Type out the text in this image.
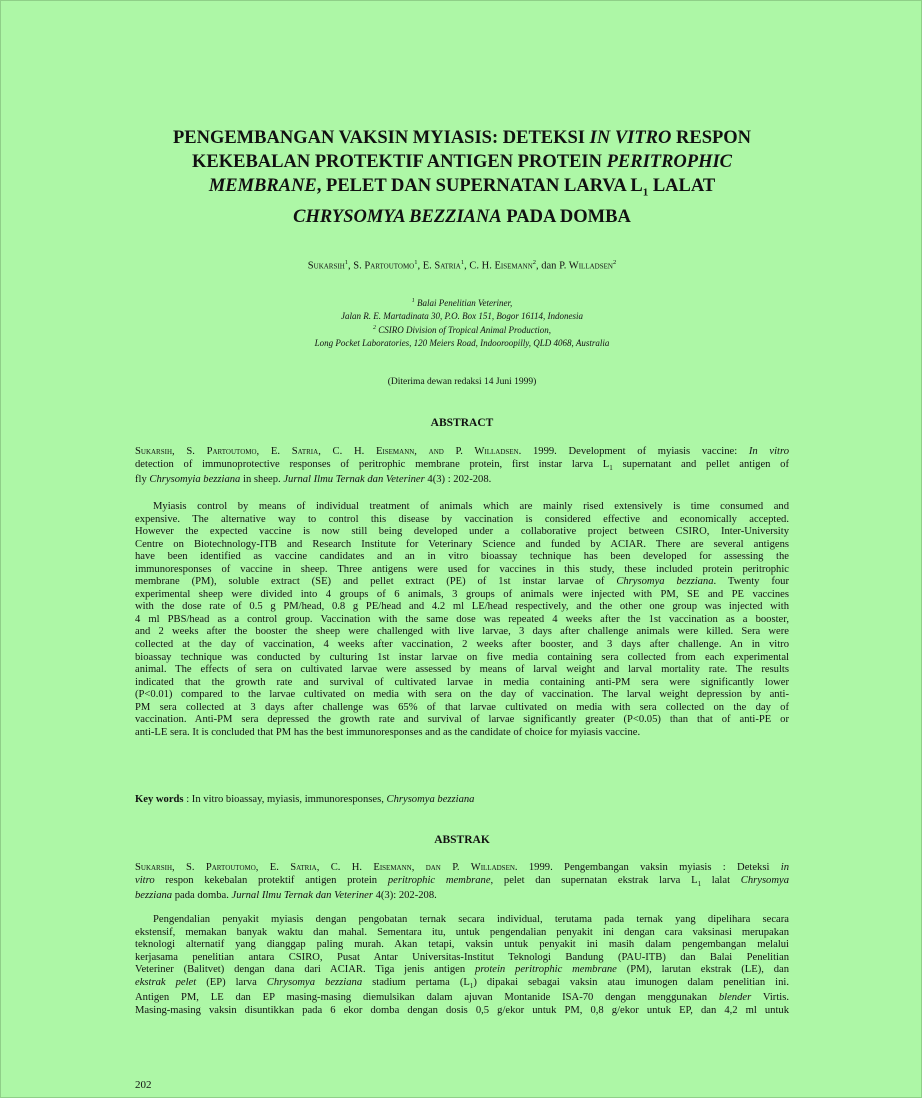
PENGEMBANGAN VAKSIN MYIASIS: DETEKSI IN VITRO RESPON
KEKEBALAN PROTEKTIF ANTIGEN PROTEIN PERITROPHIC
MEMBRANE, PELET DAN SUPERNATAN LARVA $L_1$ LALAT
CHRYSOMYA BEZZIANA PADA DOMBA
Sukarsih$^1$, S. Partoutomo$^1$, E. Satria$^1$, C. H. Eisemann$^2$, dan P. Willadsen$^2$
$^1$ Balai Penelitian Veteriner,
Jalan R. E. Martadinata 30, P.O. Box 151, Bogor 16114, Indonesia
$^2$ CSIRO Division of Tropical Animal Production,
Long Pocket Laboratories, 120 Meiers Road, Indooroopilly, QLD 4068, Australia
(Diterima dewan redaksi 14 Juni 1999)
ABSTRACT
Sukarsih, S. Partoutomo, E. Satria, C. H. Eisemann, and P. Willadsen. 1999. Development of myiasis vaccine: In vitro
detection of immunoprotective responses of peritrophic membrane protein, first instar larva $L_1$ supernatant and pellet antigen of
fly Chrysomyia bezziana in sheep. Jurnal Ilmu Ternak dan Veteriner 4(3) : 202-208.
Myiasis control by means of individual treatment of animals which are mainly rised extensively is time consumed and
expensive. The alternative way to control this disease by vaccination is considered effective and economically accepted.
However the expected vaccine is now still being developed under a collaborative project between CSIRO, Inter-University
Centre on Biotechnology-ITB and Research Institute for Veterinary Science and funded by ACIAR. There are several antigens
have been identified as vaccine candidates and an in vitro bioassay technique has been developed for assessing the
immunoresponses of vaccine in sheep. Three antigens were used for vaccines in this study, these included protein peritrophic
membrane (PM), soluble extract (SE) and pellet extract (PE) of 1st instar larvae of Chrysomya bezziana. Twenty four
experimental sheep were divided into 4 groups of 6 animals, 3 groups of animals were injected with PM, SE and PE vaccines
with the dose rate of 0.5 g PM/head, 0.8 g PE/head and 4.2 ml LE/head respectively, and the other one group was injected with
4 ml PBS/head as a control group. Vaccination with the same dose was repeated 4 weeks after the 1st vaccination as a booster,
and 2 weeks after the booster the sheep were challenged with live larvae, 3 days after challenge animals were killed. Sera were
collected at the day of vaccination, 4 weeks after vaccination, 2 weeks after booster, and 3 days after challenge. An in vitro
bioassay technique was conducted by culturing 1st instar larvae on five media containing sera collected from each experimental
animal. The effects of sera on cultivated larvae were assessed by means of larval weight and larval mortality rate. The results
indicated that the growth rate and survival of cultivated larvae in media containing anti-PM sera were significantly lower
(P<0.01) compared to the larvae cultivated on media with sera on the day of vaccination. The larval weight depression by anti-
PM sera collected at 3 days after challenge was 65% of that larvae cultivated on media with sera collected on the day of
vaccination. Anti-PM sera depressed the growth rate and survival of larvae significantly greater (P<0.05) than that of anti-PE or
anti-LE sera. It is concluded that PM has the best immunoresponses and as the candidate of choice for myiasis vaccine.
Key words : In vitro bioassay, myiasis, immunoresponses, Chrysomya bezziana
ABSTRAK
Sukarsih, S. Partoutomo, E. Satria, C. H. Eisemann, dan P. Willadsen. 1999. Pengembangan vaksin myiasis : Deteksi in
vitro respon kekebalan protektif antigen protein peritrophic membrane, pelet dan supernatan ekstrak larva $L_1$ lalat Chrysomya
bezziana pada domba. Jurnal Ilmu Ternak dan Veteriner 4(3): 202-208.
Pengendalian penyakit myiasis dengan pengobatan ternak secara individual, terutama pada ternak yang dipelihara secara
ekstensif, memakan banyak waktu dan mahal. Sementara itu, untuk pengendalian penyakit ini dengan cara vaksinasi merupakan
teknologi alternatif yang dianggap paling murah. Akan tetapi, vaksin untuk penyakit ini masih dalam pengembangan melalui
kerjasama penelitian antara CSIRO, Pusat Antar Universitas-Institut Teknologi Bandung (PAU-ITB) dan Balai Penelitian
Veteriner (Balitvet) dengan dana dari ACIAR. Tiga jenis antigen protein peritrophic membrane (PM), larutan ekstrak (LE), dan
ekstrak pelet (EP) larva Chrysomya bezziana stadium pertama $(L_1)$ dipakai sebagai vaksin atau imunogen dalam penelitian ini.
Antigen PM, LE dan EP masing-masing diemulsikan dalam ajuvan Montanide ISA-70 dengan menggunakan blender Virtis.
Masing-masing vaksin disuntikkan pada 6 ekor domba dengan dosis 0,5 g/ekor untuk PM, 0,8 g/ekor untuk EP, dan 4,2 ml untuk
202
